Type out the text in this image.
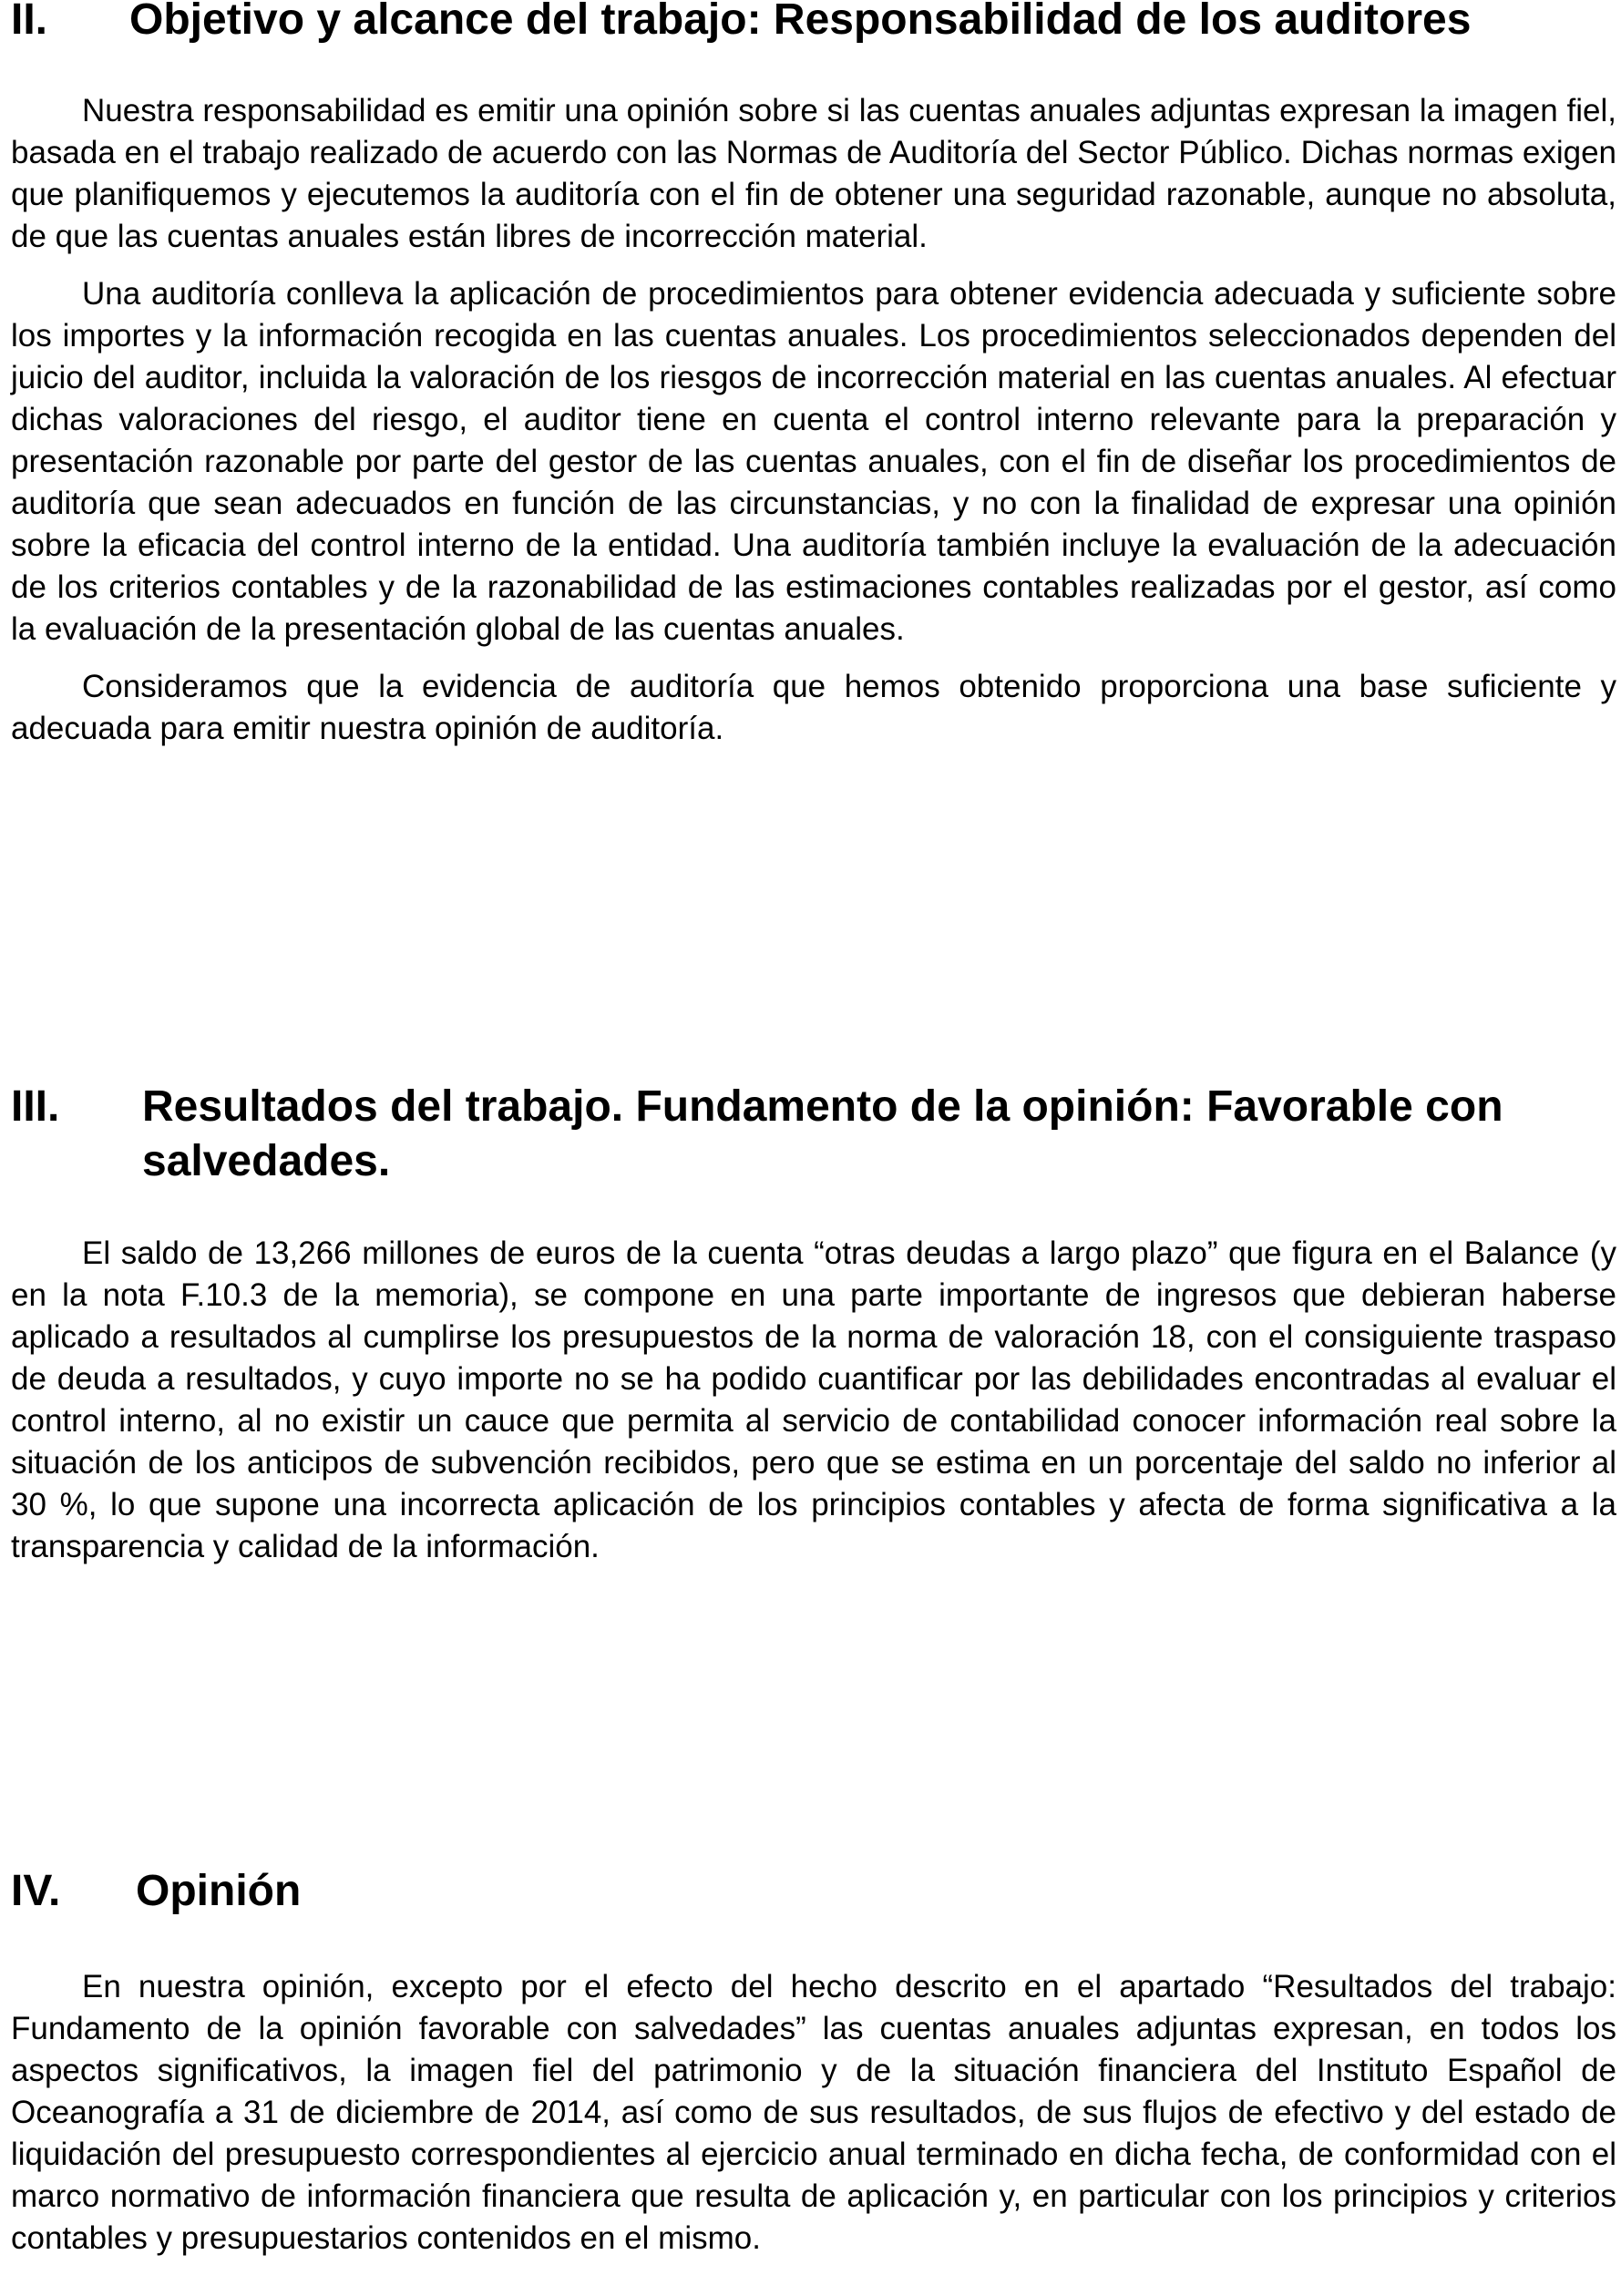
II.	Objetivo y alcance del trabajo: Responsabilidad de los auditores

Nuestra responsabilidad es emitir una opinión sobre si las cuentas anuales adjuntas expresan la imagen fiel, basada en el trabajo realizado de acuerdo con las Normas de Auditoría del Sector Público. Dichas normas exigen que planifiquemos y ejecutemos la auditoría con el fin de obtener una seguridad razonable, aunque no absoluta, de que las cuentas anuales están libres de incorrección material.

Una auditoría conlleva la aplicación de procedimientos para obtener evidencia adecuada y suficiente sobre los importes y la información recogida en las cuentas anuales. Los procedimientos seleccionados dependen del juicio del auditor, incluida la valoración de los riesgos de incorrección material en las cuentas anuales. Al efectuar dichas valoraciones del riesgo, el auditor tiene en cuenta el control interno relevante para la preparación y presentación razonable por parte del gestor de las cuentas anuales, con el fin de diseñar los procedimientos de auditoría que sean adecuados en función de las circunstancias, y no con la finalidad de expresar una opinión sobre la eficacia del control interno de la entidad. Una auditoría también incluye la evaluación de la adecuación de los criterios contables y de la razonabilidad de las estimaciones contables realizadas por el gestor, así como la evaluación de la presentación global de las cuentas anuales.

Consideramos que la evidencia de auditoría que hemos obtenido proporciona una base suficiente y adecuada para emitir nuestra opinión de auditoría.

III.	Resultados del trabajo. Fundamento de la opinión: Favorable con salvedades.

El saldo de 13,266 millones de euros de la cuenta “otras deudas a largo plazo” que figura en el Balance (y en la nota F.10.3 de la memoria), se compone en una parte importante de ingresos que debieran haberse aplicado a resultados al cumplirse los presupuestos de la norma de valoración 18, con el consiguiente traspaso de deuda a resultados, y cuyo importe no se ha podido cuantificar por las debilidades encontradas al evaluar el control interno, al no existir un cauce que permita al servicio de contabilidad conocer información real sobre la situación de los anticipos de subvención recibidos, pero que se estima en un porcentaje del saldo no inferior al 30 %, lo que supone una incorrecta aplicación de los principios contables y afecta de forma significativa a la transparencia y calidad de la información.

IV.	Opinión

En nuestra opinión, excepto por el efecto del hecho descrito en el apartado “Resultados del trabajo: Fundamento de la opinión favorable con salvedades” las cuentas anuales adjuntas expresan, en todos los aspectos significativos, la imagen fiel del patrimonio y de la situación financiera del Instituto Español de Oceanografía a 31 de diciembre de 2014, así como de sus resultados, de sus flujos de efectivo y del estado de liquidación del presupuesto correspondientes al ejercicio anual terminado en dicha fecha, de conformidad con el marco normativo de información financiera que resulta de aplicación y, en particular con los principios y criterios contables y presupuestarios contenidos en el mismo.
